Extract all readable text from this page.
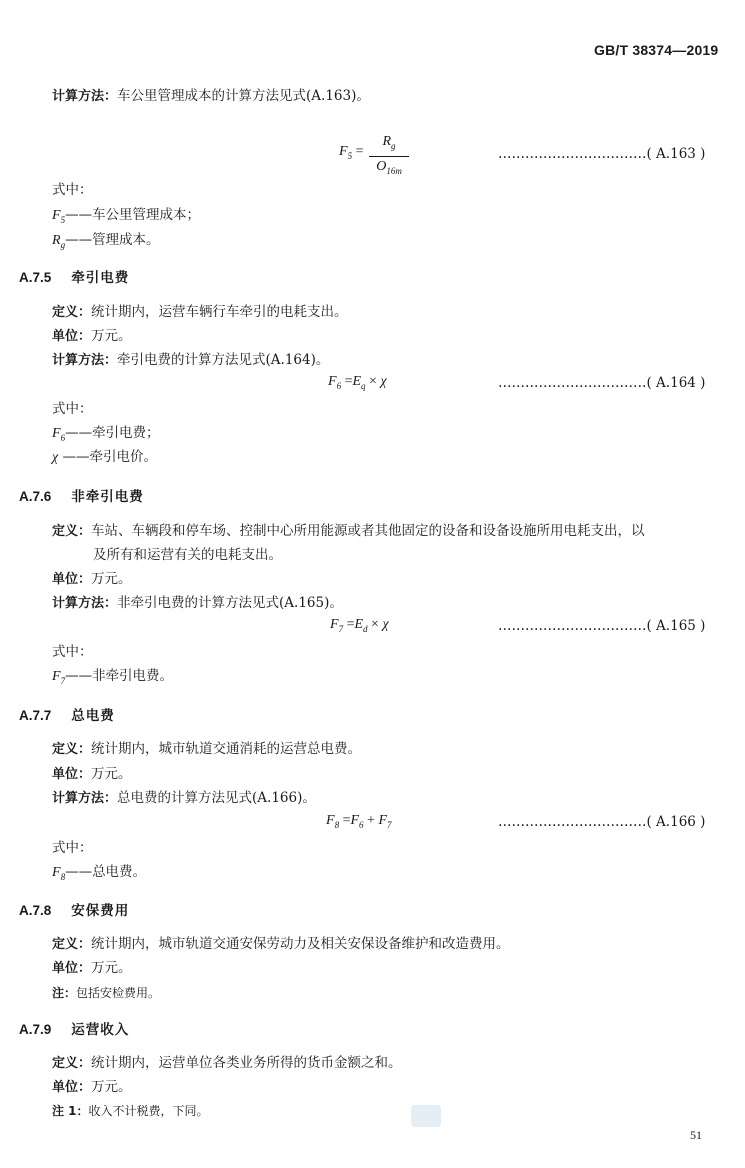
GB/T 38374—2019
计算方法：车公里管理成本的计算方法见式(A.163)。
$F_5$ =
$R_g$
$O_{16m}$
……………………………( A.163 )
式中：
$F_5——$车公里管理成本；
$R_g——$管理成本。
A.7.5 牵引电费
定义：统计期内，运营车辆行车牵引的电耗支出。
单位：万元。
计算方法：牵引电费的计算方法见式(A.164)。
$F_6 =E_q \times \chi$	……………………………( A.164 )
式中：
$F_6——$牵引电费；
χ ——牵引电价。
A.7.6 非牵引电费
定义：车站、车辆段和停车场、控制中心所用能源或者其他固定的设备和设备设施所用电耗支出，以
及所有和运营有关的电耗支出。
单位：万元。
计算方法：非牵引电费的计算方法见式(A.165)。
$F_7 =E_d \times \chi$	……………………………( A.165 )
式中：
$F_7——$非牵引电费。
A.7.7 总电费
定义：统计期内，城市轨道交通消耗的运营总电费。
单位：万元。
计算方法：总电费的计算方法见式(A.166)。
$F_8 =F_6 + F_7$	……………………………( A.166 )
式中：
$F_8——$总电费。
A.7.8 安保费用
定义：统计期内，城市轨道交通安保劳动力及相关安保设备维护和改造费用。
单位：万元。
注：包括安检费用。
A.7.9 运营收入
定义：统计期内，运营单位各类业务所得的货币金额之和。
单位：万元。
注 1：收入不计税费，下同。
51
